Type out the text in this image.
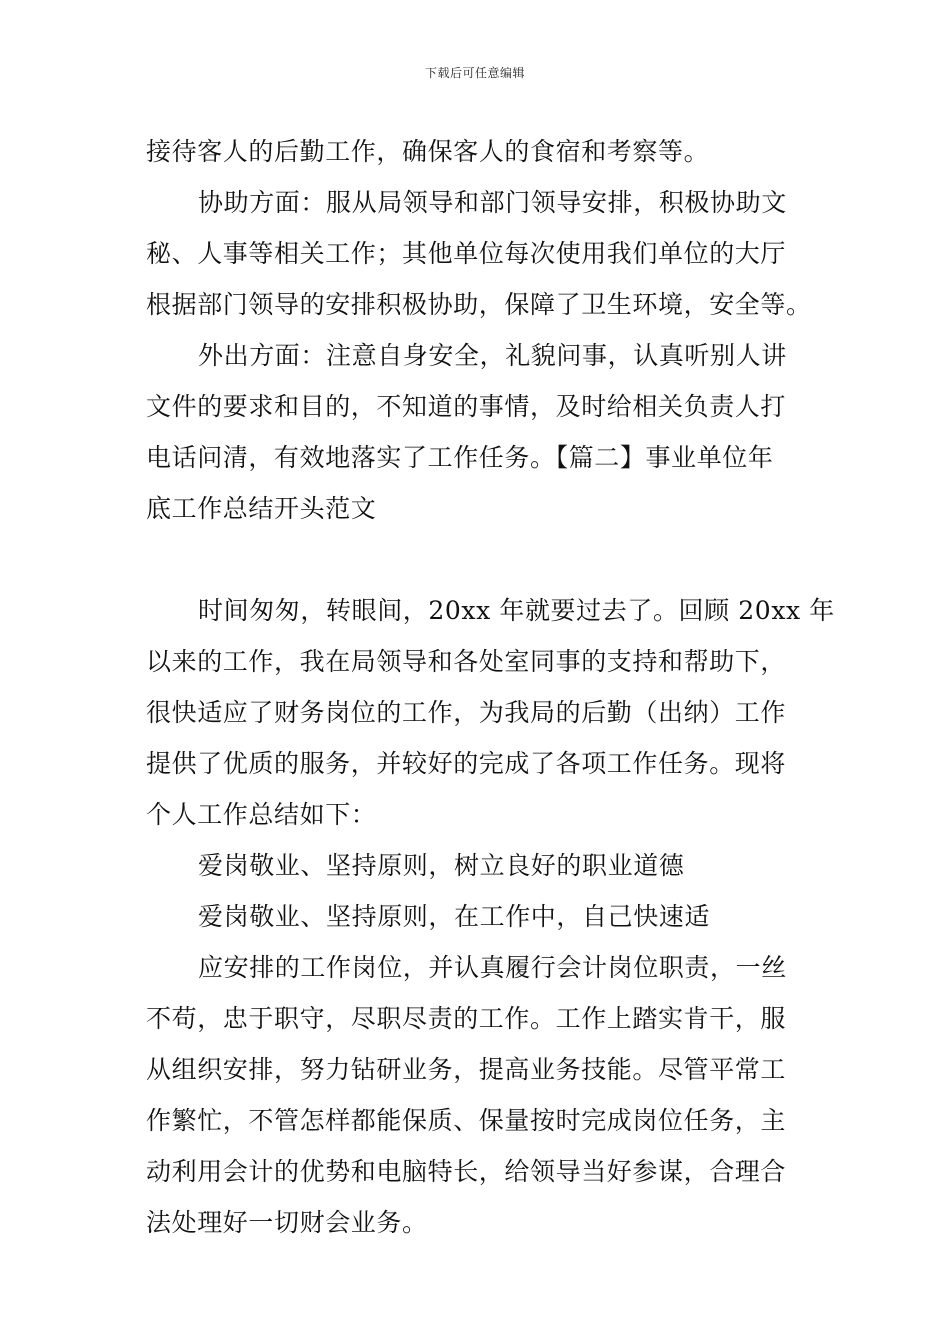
下载后可任意编辑
接待客人的后勤工作，确保客人的食宿和考察等。
协助方面：服从局领导和部门领导安排，积极协助文
秘、人事等相关工作；其他单位每次使用我们单位的大厅
根据部门领导的安排积极协助，保障了卫生环境，安全等。
外出方面：注意自身安全，礼貌问事，认真听别人讲
文件的要求和目的，不知道的事情，及时给相关负责人打
电话问清，有效地落实了工作任务。【篇二】事业单位年
底工作总结开头范文
时间匆匆，转眼间，20xx 年就要过去了。回顾 20xx 年
以来的工作，我在局领导和各处室同事的支持和帮助下，
很快适应了财务岗位的工作，为我局的后勤（出纳）工作
提供了优质的服务，并较好的完成了各项工作任务。现将
个人工作总结如下：
爱岗敬业、坚持原则，树立良好的职业道德
爱岗敬业、坚持原则，在工作中，自己快速适
应安排的工作岗位，并认真履行会计岗位职责，一丝
不苟，忠于职守，尽职尽责的工作。工作上踏实肯干，服
从组织安排，努力钻研业务，提高业务技能。尽管平常工
作繁忙，不管怎样都能保质、保量按时完成岗位任务，主
动利用会计的优势和电脑特长，给领导当好参谋，合理合
法处理好一切财会业务。
